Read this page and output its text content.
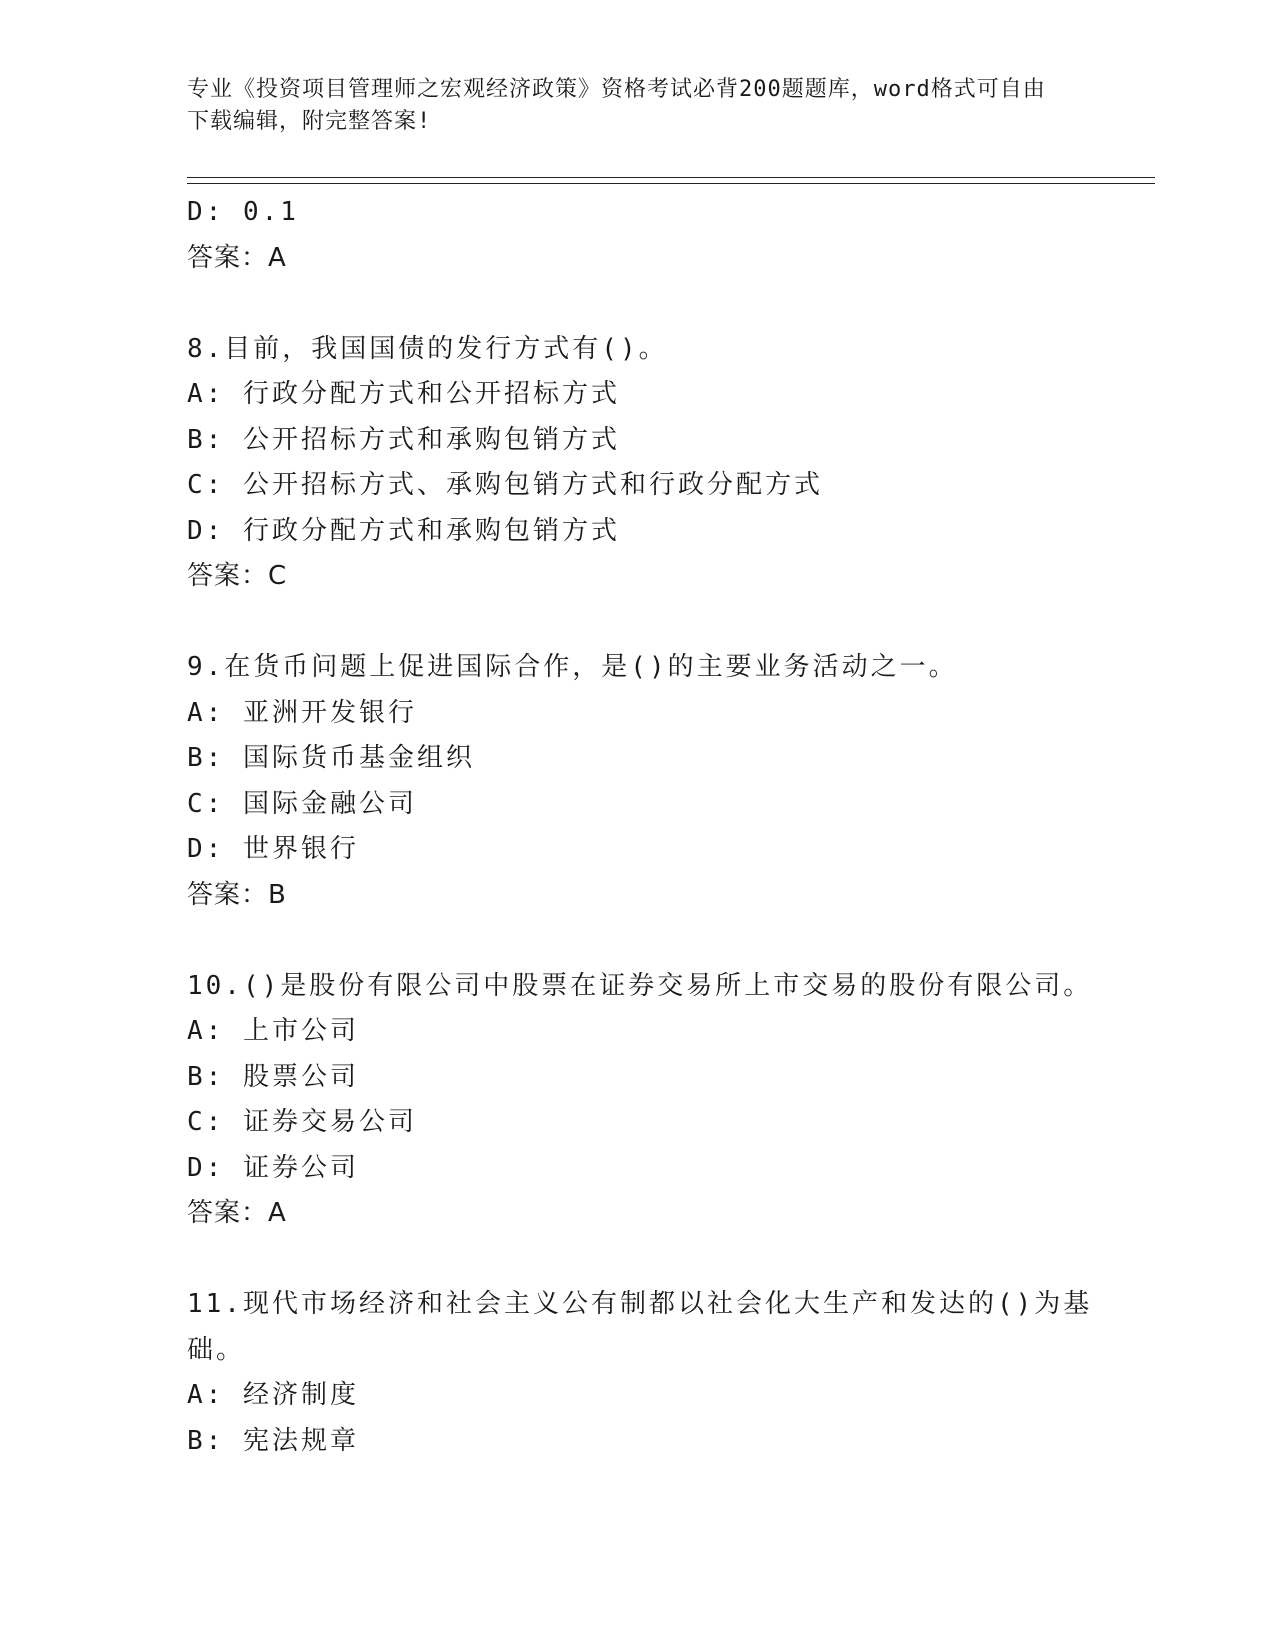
专业《投资项目管理师之宏观经济政策》资格考试必背200题题库，word格式可自由下载编辑，附完整答案!
D: 0.1
答案：A
8.目前，我国国债的发行方式有()。
A: 行政分配方式和公开招标方式
B: 公开招标方式和承购包销方式
C: 公开招标方式、承购包销方式和行政分配方式
D: 行政分配方式和承购包销方式
答案：C
9.在货币问题上促进国际合作，是()的主要业务活动之一。
A: 亚洲开发银行
B: 国际货币基金组织
C: 国际金融公司
D: 世界银行
答案：B
10.()是股份有限公司中股票在证券交易所上市交易的股份有限公司。
A: 上市公司
B: 股票公司
C: 证券交易公司
D: 证券公司
答案：A
11.现代市场经济和社会主义公有制都以社会化大生产和发达的()为基
础。
A: 经济制度
B: 宪法规章
